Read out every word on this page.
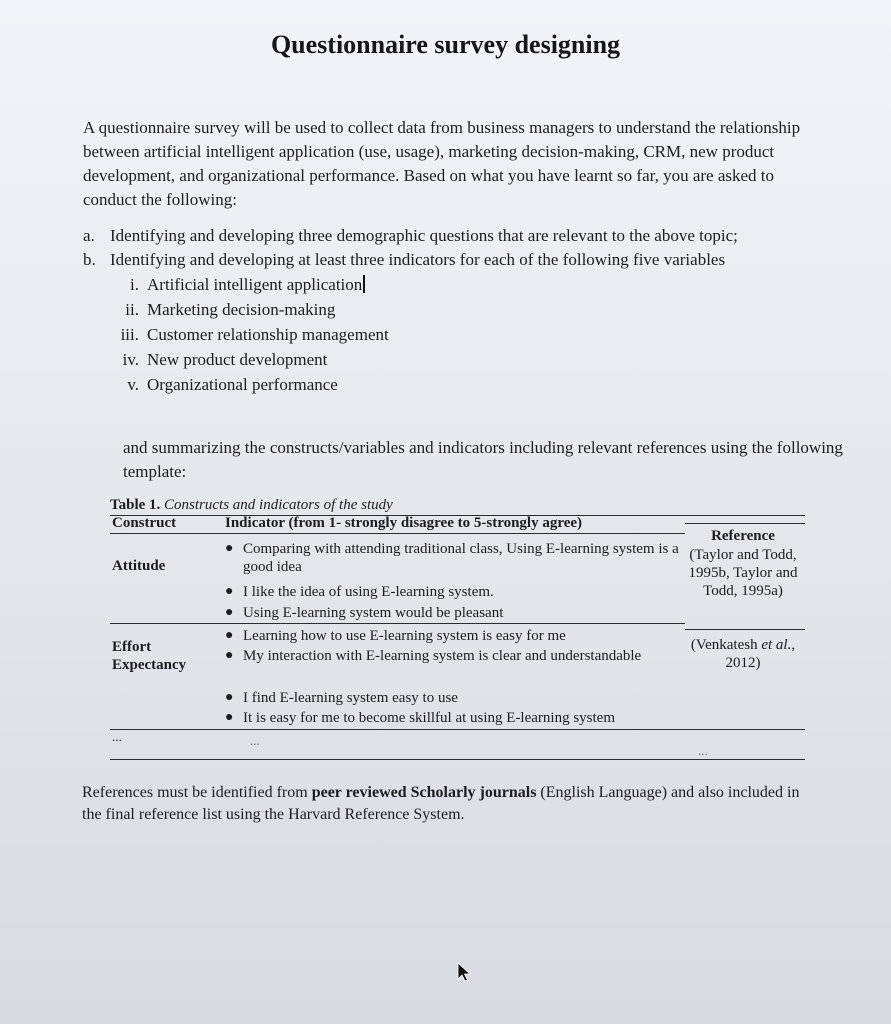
Questionnaire survey designing

A questionnaire survey will be used to collect data from business managers to understand the relationship between artificial intelligent application (use, usage), marketing decision-making, CRM, new product development, and organizational performance. Based on what you have learnt so far, you are asked to conduct the following:

a. Identifying and developing three demographic questions that are relevant to the above topic;
b. Identifying and developing at least three indicators for each of the following five variables
i. Artificial intelligent application
ii. Marketing decision-making
iii. Customer relationship management
iv. New product development
v. Organizational performance
and summarizing the constructs/variables and indicators including relevant references using the following template:
Table 1. Constructs and indicators of the study
Construct	Indicator (from 1- strongly disagree to 5-strongly agree)
Reference
Attitude
● Comparing with attending traditional class, Using E-learning system is a good idea
● I like the idea of using E-learning system.
● Using E-learning system would be pleasant
(Taylor and Todd, 1995b, Taylor and Todd, 1995a)
Effort Expectancy
● Learning how to use E-learning system is easy for me
● My interaction with E-learning system is clear and understandable
● I find E-learning system easy to use
● It is easy for me to become skillful at using E-learning system
(Venkatesh et al., 2012)
...	...
...
References must be identified from peer reviewed Scholarly journals (English Language) and also included in the final reference list using the Harvard Reference System.
